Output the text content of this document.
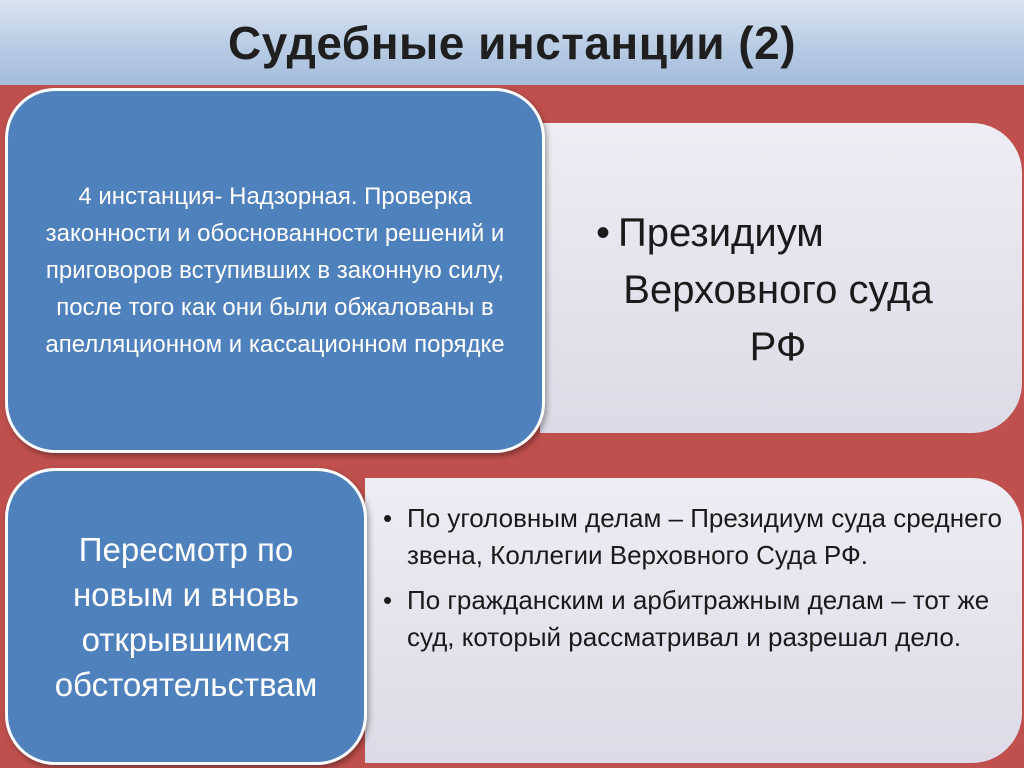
Судебные инстанции (2)
4 инстанция- Надзорная. Проверка законности и обоснованности решений и приговоров вступивших в законную силу, после того как они были обжалованы в апелляционном и кассационном порядке
• Президиум
Верховного суда
РФ
Пересмотр по новым и вновь открывшимся обстоятельствам
• По уголовным делам – Президиум суда среднего звена, Коллегии Верховного Суда РФ.
• По гражданским и арбитражным делам – тот же суд, который рассматривал и разрешал дело.
